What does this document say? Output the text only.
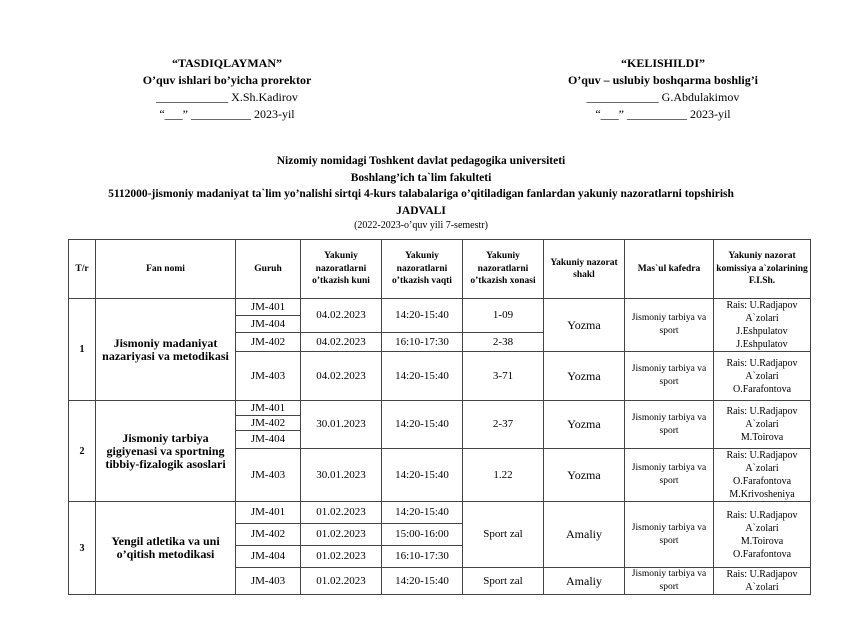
“TASDIQLAYMAN”
O’quv ishlari bo’yicha prorektor
____________ X.Sh.Kadirov
“___” __________ 2023-yil
“KELISHILDI”
O’quv – uslubiy boshqarma boshlig’i
____________ G.Abdulakimov
“___” __________ 2023-yil
Nizomiy nomidagi Toshkent davlat pedagogika universiteti
Boshlang’ich ta`lim fakulteti
5112000-jismoniy madaniyat ta`lim yo’nalishi sirtqi 4-kurs talabalariga o’qitiladigan fanlardan yakuniy nazoratlarni topshirish
JADVALI
(2022-2023-o’quv yili 7-semestr)
T/r	Fan nomi	Guruh	Yakuniy nazoratlarni o’tkazish kuni	Yakuniy nazoratlarni o’tkazish vaqti	Yakuniy nazoratlarni o’tkazish xonasi	Yakuniy nazorat shakl	Mas`ul kafedra	Yakuniy nazorat komissiya a`zolarining F.I.Sh.
1	Jismoniy madaniyat nazariyasi va metodikasi	JM-401	04.02.2023	14:20-15:40	1-09	Yozma	Jismoniy tarbiya va sport	Rais: U.Radjapov
A`zolari
J.Eshpulatov
J.Eshpulatov
		JM-404						
		JM-402	04.02.2023	16:10-17:30	2-38			
		JM-403	04.02.2023	14:20-15:40	3-71	Yozma	Jismoniy tarbiya va sport	Rais: U.Radjapov
A`zolari
O.Farafontova
2	Jismoniy tarbiya gigiyenasi va sportning tibbiy-fizalogik asoslari	JM-401	30.01.2023	14:20-15:40	2-37	Yozma	Jismoniy tarbiya va sport	Rais: U.Radjapov
A`zolari
M.Toirova
		JM-402						
		JM-404						
		JM-403	30.01.2023	14:20-15:40	1.22	Yozma	Jismoniy tarbiya va sport	Rais: U.Radjapov
A`zolari
O.Farafontova
M.Krivosheniya
3	Yengil atletika va uni o’qitish metodikasi	JM-401	01.02.2023	14:20-15:40	Sport zal	Amaliy	Jismoniy tarbiya va sport	Rais: U.Radjapov
A`zolari
M.Toirova
O.Farafontova
		JM-402	01.02.2023	15:00-16:00				
		JM-404	01.02.2023	16:10-17:30				
		JM-403	01.02.2023	14:20-15:40	Sport zal	Amaliy	Jismoniy tarbiya va sport	Rais: U.Radjapov
A`zolari
